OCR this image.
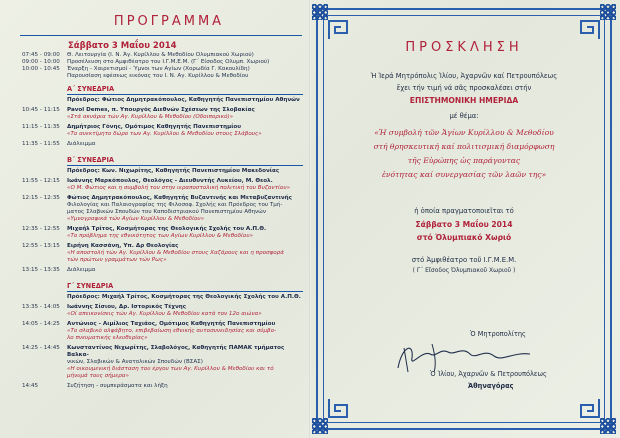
ΠΡΟΓΡΑΜΜΑ
Σάββατο 3 Μαΐου 2014
07:45 - 09:00	Θ. Λειτουργία (Ι. Ν. Άγ. Κυρίλλου & Μεθοδίου Ολυμπιακού Χωριού)
09:00 - 10:00	Προσέλευση στο Αμφιθέατρο του Ι.Γ.Μ.Ε.Μ. (Γ΄ Είσοδος Ολυμπ. Χωριού)
10:00 - 10:45	Έναρξη - Χαιρετισμοί - Ύμνοι των Αγίων (Χορωδία Γ. Κακουλίδη)
Παρουσίαση εφέσεως εικόνας του Ι. Ν. Αγ. Κυρίλλου & Μεθοδίου
Α΄ ΣΥΝΕΔΡΙΑ
Πρόεδρος: Φώτιος Δημητρακόπουλος, Καθηγητής Πανεπιστημίου Αθηνών
10:45 - 11:15	Pavol Demes, π. Υπουργός Διεθνών Σχέσεων της Σλοβακίας
«Στά ακνάρια τών Αγ. Κυρίλλου & Μεθοδίου (Οδοιπορικό)»
11:15 - 11:35	Δημήτριος Γόνης, Ομότιμος Καθηγητής Πανεπιστημίου
«Το ανεκτίμητο δώρο των Αγ. Κυρίλλου & Μεθοδίου στους Σλάβους»
11:35 - 11:55	Διάλειμμα
Β΄ ΣΥΝΕΔΡΙΑ
Πρόεδρος: Κων. Νιχωρίτης, Καθηγητής Πανεπιστημίου Μακεδονίας
11:55 - 12:15	Ιωάννης Μαρκόπουλος, Θεολόγος - Διευθυντής Λυκείου, Μ. Θεολ.
«Ο Μ. Φώτιος και η συμβολή του στην ιεραποστολική πολιτική του Βυζαντίου»
12:15 - 12:35	Φώτιος Δημητρακόπουλος, Καθηγητής Βυζαντινής και Μεταβυζαντινής
Φιλολογίας και Παλαιογραφίας της Φιλοσοφ. Σχολής και Πρόεδρος του Τμή-
ματος Σλαβικών Σπουδών του Καποδιστριακού Πανεπιστημίου Αθηνών
«Υμνογραφικά τών Αγίων Κυρίλλου & Μεθοδίου»
12:35 - 12:55	Μιχαήλ Τρίτος, Κοσμήτορας της Θεολογικής Σχολής του Α.Π.Θ.
«Το πρόβλημα της εθνικότητος των Αγίων Κυρίλλου & Μεθοδίου»
12:55 - 13:15	Ειρήνη Κασσάνη, Υπ. Δρ Θεολογίας
«Η αποστολή τών Αγ. Κυρίλλου & Μεθοδίου στους Χαζάρους και η προσφορά
τών πρώτων γραμμάτων τών Ρως»
13:15 - 13:35	Διάλειμμα
Γ΄ ΣΥΝΕΔΡΙΑ
Πρόεδρος: Μιχαήλ Τρίτος, Κοσμήτορας της Θεολογικής Σχολής του Α.Π.Θ.
13:35 - 14:05	Ιωάννης Σίσιου, Δρ. Ιστορικός Τέχνης
«Οί απεικονίσεις τών Αγ. Κυρίλλου & Μεθοδίου κατά τον 12ο αιώνα»
14:05 - 14:25	Αντώνιος - Αιμίλιος Ταχιάος, Ομότιμος Καθηγητής Πανεπιστημίου
«Το σλαβικό αλφάβητο, επιβεβαίωση εθνικής αυτοσυνειδησίας και σύμβο-
λο πνευματικής ελευθερίας»
14:25 - 14:45	Κωνσταντίνος Νιχωρίτης, Σλαβολόγος, Καθηγητής ΠΑΜΑΚ τμήματος Βαλκα-
νικών, Σλαβικών & Ανατολικών Σπουδών (ΒΣΑΣ)
«Η οικουμενική διάσταση του έργου των Αγ. Κυρίλλου & Μεθοδίου και τό
μήνυμά τους σήμερα»
14:45	Συζήτηση - συμπεράσματα και λήξη
ΠΡΟΣΚΛΗΣΗ
Ἡ Ἱερά Μητρόπολις Ἰλίου, Ἀχαρνῶν καί Πετρουπόλεως
ἔχει τήν τιμή νά σᾶς προσκαλέσει στήν
ΕΠΙΣΤΗΜΟΝΙΚΗ ΗΜΕΡΙΔΑ
μέ θέμα:
«Ἡ συμβολή τῶν Ἁγίων Κυρίλλου & Μεθοδίου
στή θρησκευτική καί πολιτισμική διαμόρφωση
τῆς Εὐρώπης ὡς παράγοντας
ἑνότητας καί συνεργασίας τῶν λαῶν της»
ἡ ὁποία πραγματοποιεῖται τό
Σάββατο 3 Μαΐου 2014
στό Ὀλυμπιακό Χωριό
στό Ἀμφιθέατρο τοῦ Ι.Γ.Μ.Ε.Μ.
( Γ΄ Εἴσοδος Ὀλυμπιακοῦ Χωριοῦ )
Ὁ Μητροπολίτης
Ὁ Ἰλίου, Ἀχαρνῶν & Πετρουπόλεως
Ἀθηναγόρας
